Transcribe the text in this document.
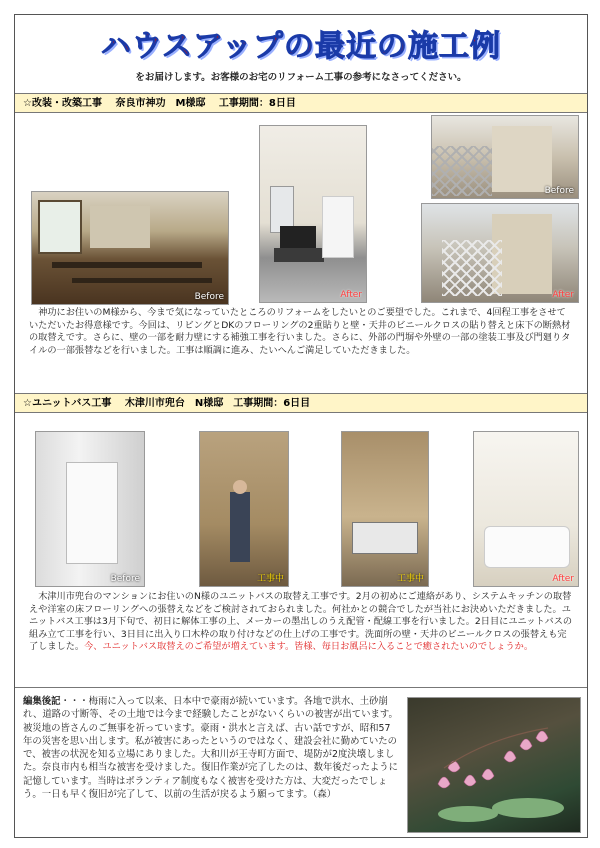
ハウスアップの最近の施工例
をお届けします。お客様のお宅のリフォーム工事の参考になさってください。
☆改装・改築工事　 奈良市神功　M様邸　 工事期間：8日目
Before	After
Before
After
神功にお住いのM様から、今まで気になっていたところのリフォームをしたいとのご要望でした。これまで、4回程工事をさせていただいたお得意様です。今回は、リビングとDKのフローリングの2重貼りと壁・天井のビニールクロスの貼り替えと床下の断熱材の取替えです。さらに、壁の一部を耐力壁にする補強工事を行いました。さらに、外部の門塀や外壁の一部の塗装工事及び門廻りタイルの一部張替などを行いました。工事は順調に進み、たいへんご満足していただきました。
☆ユニットバス工事　 木津川市兜台　N様邸　工事期間：6日目
Before	工事中	工事中	After
木津川市兜台のマンションにお住いのN様のユニットバスの取替え工事です。2月の初めにご連絡があり、システムキッチンの取替えや洋室の床フローリングへの張替えなどをご検討されておられました。何社かとの競合でしたが当社にお決めいただきました。ユニットバス工事は3月下旬で、初日に解体工事の上、メーカーの墨出しのうえ配管・配線工事を行いました。2日目にユニットバスの組み立て工事を行い、3日目に出入り口木枠の取り付けなどの仕上げの工事です。洗面所の壁・天井のビニールクロスの張替えも完了しました。今、ユニットバス取替えのご希望が増えています。皆様、毎日お風呂に入ることで癒されたいのでしょうか。
編集後記・・・梅雨に入って以来、日本中で豪雨が続いています。各地で洪水、土砂崩れ、道路の寸断等、その土地では今まで経験したことがないくらいの被害が出ています。被災地の皆さんのご無事を祈っています。豪雨・洪水と言えば、古い話ですが、昭和57年の災害を思い出します。私が被害にあったというのではなく、建設会社に勤めていたので、被害の状況を知る立場にありました。大和川が王寺町方面で、堤防が2度決壊しました。奈良市内も相当な被害を受けました。復旧作業が完了したのは、数年後だったように記憶しています。当時はボランティア制度もなく被害を受けた方は、大変だったでしょう。一日も早く復旧が完了して、以前の生活が戻るよう願ってます。（森）
